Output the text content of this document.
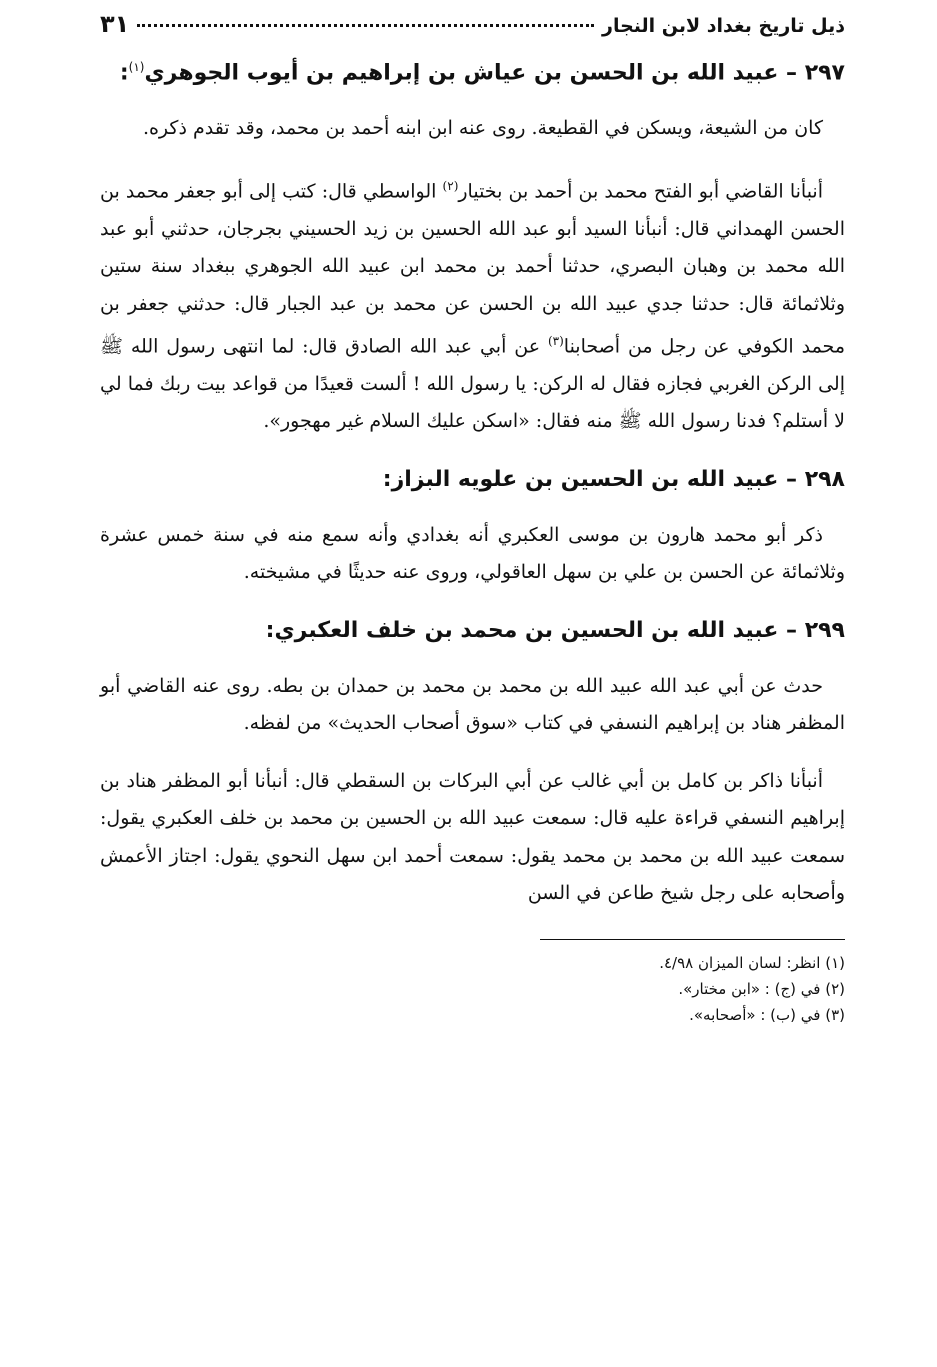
ذيل تاريخ بغداد لابن النجار
٣١
٢٩٧ – عبيد الله بن الحسن بن عياش بن إبراهيم بن أيوب الجوهري$^{(١)}$:

كان من الشيعة، ويسكن في القطيعة. روى عنه ابن ابنه أحمد بن محمد، وقد تقدم ذكره.

أنبأنا القاضي أبو الفتح محمد بن أحمد بن بختيار$^{(٢)}$ الواسطي قال: كتب إلى أبو جعفر محمد بن الحسن الهمداني قال: أنبأنا السيد أبو عبد الله الحسين بن زيد الحسيني بجرجان، حدثني أبو عبد الله محمد بن وهبان البصري، حدثنا أحمد بن محمد ابن عبيد الله الجوهري ببغداد سنة ستين وثلاثمائة قال: حدثنا جدي عبيد الله بن الحسن عن محمد بن عبد الجبار قال: حدثني جعفر بن محمد الكوفي عن رجل من أصحابنا$^{(٣)}$ عن أبي عبد الله الصادق قال: لما انتهى رسول الله ﷺ إلى الركن الغربي فجازه فقال له الركن: يا رسول الله ! ألست قعيدًا من قواعد بيت ربك فما لي لا أستلم؟ فدنا رسول الله ﷺ منه فقال: «اسكن عليك السلام غير مهجور».

٢٩٨ – عبيد الله بن الحسين بن علويه البزاز:

ذكر أبو محمد هارون بن موسى العكبري أنه بغدادي وأنه سمع منه في سنة خمس عشرة وثلاثمائة عن الحسن بن علي بن سهل العاقولي، وروى عنه حديثًا في مشيخته.

٢٩٩ – عبيد الله بن الحسين بن محمد بن خلف العكبري:

حدث عن أبي عبد الله عبيد الله بن محمد بن محمد بن حمدان بن بطه. روى عنه القاضي أبو المظفر هناد بن إبراهيم النسفي في كتاب «سوق أصحاب الحديث» من لفظه.

أنبأنا ذاكر بن كامل بن أبي غالب عن أبي البركات بن السقطي قال: أنبأنا أبو المظفر هناد بن إبراهيم النسفي قراءة عليه قال: سمعت عبيد الله بن الحسين بن محمد بن خلف العكبري يقول: سمعت عبيد الله بن محمد بن محمد يقول: سمعت أحمد ابن سهل النحوي يقول: اجتاز الأعمش وأصحابه على رجل شيخ طاعن في السن

(١) انظر: لسان الميزان ٤/٩٨.
(٢) في (ج) : «ابن مختار».
(٣) في (ب) : «أصحابه».
